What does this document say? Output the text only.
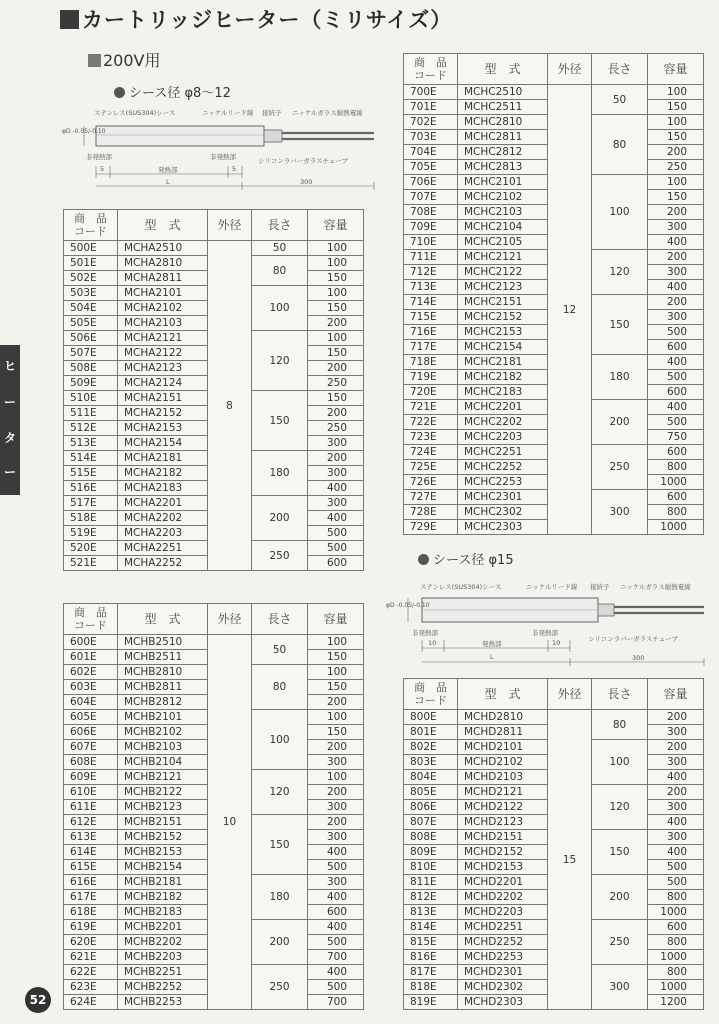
カートリッジヒーター（ミリサイズ）
200V用
シース径 φ8〜12
ステンレス(SUS304)シース	ニッケルリード線 接続子 ニッケルガラス耐熱電線
φD -0.05/-0.10
非発熱部	非発熱部	シリコンラバーガラスチューブ
5	発熱部	5
L	300
シース径 φ15
ステンレス(SUS304)シース	ニッケルリード線 接続子 ニッケルガラス耐熱電線
φD -0.05/-0.10
非発熱部	非発熱部
シリコンラバーガラスチューブ
10	発熱部	10
L	300
商　品
コード	型　式	外径	長さ	容量
500E	MCHA2510	8	50	100
501E	MCHA2810		80	100
502E	MCHA2811			150
503E	MCHA2101		100	100
504E	MCHA2102			150
505E	MCHA2103			200
506E	MCHA2121		120	100
507E	MCHA2122			150
508E	MCHA2123			200
509E	MCHA2124			250
510E	MCHA2151		150	150
511E	MCHA2152			200
512E	MCHA2153			250
513E	MCHA2154			300
514E	MCHA2181		180	200
515E	MCHA2182			300
516E	MCHA2183			400
517E	MCHA2201		200	300
518E	MCHA2202			400
519E	MCHA2203			500
520E	MCHA2251		250	500
521E	MCHA2252			600
商　品
コード	型　式	外径	長さ	容量
600E	MCHB2510	10	50	100
601E	MCHB2511			150
602E	MCHB2810		80	100
603E	MCHB2811			150
604E	MCHB2812			200
605E	MCHB2101		100	100
606E	MCHB2102			150
607E	MCHB2103			200
608E	MCHB2104			300
609E	MCHB2121		120	100
610E	MCHB2122			200
611E	MCHB2123			300
612E	MCHB2151		150	200
613E	MCHB2152			300
614E	MCHB2153			400
615E	MCHB2154			500
616E	MCHB2181		180	300
617E	MCHB2182			400
618E	MCHB2183			600
619E	MCHB2201		200	400
620E	MCHB2202			500
621E	MCHB2203			700
622E	MCHB2251		250	400
623E	MCHB2252			500
624E	MCHB2253			700
商　品
コード	型　式	外径	長さ	容量
700E	MCHC2510	12	50	100
701E	MCHC2511			150
702E	MCHC2810		80	100
703E	MCHC2811			150
704E	MCHC2812			200
705E	MCHC2813			250
706E	MCHC2101		100	100
707E	MCHC2102			150
708E	MCHC2103			200
709E	MCHC2104			300
710E	MCHC2105			400
711E	MCHC2121		120	200
712E	MCHC2122			300
713E	MCHC2123			400
714E	MCHC2151		150	200
715E	MCHC2152			300
716E	MCHC2153			500
717E	MCHC2154			600
718E	MCHC2181		180	400
719E	MCHC2182			500
720E	MCHC2183			600
721E	MCHC2201		200	400
722E	MCHC2202			500
723E	MCHC2203			750
724E	MCHC2251		250	600
725E	MCHC2252			800
726E	MCHC2253			1000
727E	MCHC2301		300	600
728E	MCHC2302			800
729E	MCHC2303			1000
商　品
コード	型　式	外径	長さ	容量
800E	MCHD2810	15	80	200
801E	MCHD2811			300
802E	MCHD2101		100	200
803E	MCHD2102			300
804E	MCHD2103			400
805E	MCHD2121		120	200
806E	MCHD2122			300
807E	MCHD2123			400
808E	MCHD2151		150	300
809E	MCHD2152			400
810E	MCHD2153			500
811E	MCHD2201		200	500
812E	MCHD2202			800
813E	MCHD2203			1000
814E	MCHD2251		250	600
815E	MCHD2252			800
816E	MCHD2253			1000
817E	MCHD2301		300	800
818E	MCHD2302			1000
819E	MCHD2303			1200
ヒ
ー
タ
ー
52
